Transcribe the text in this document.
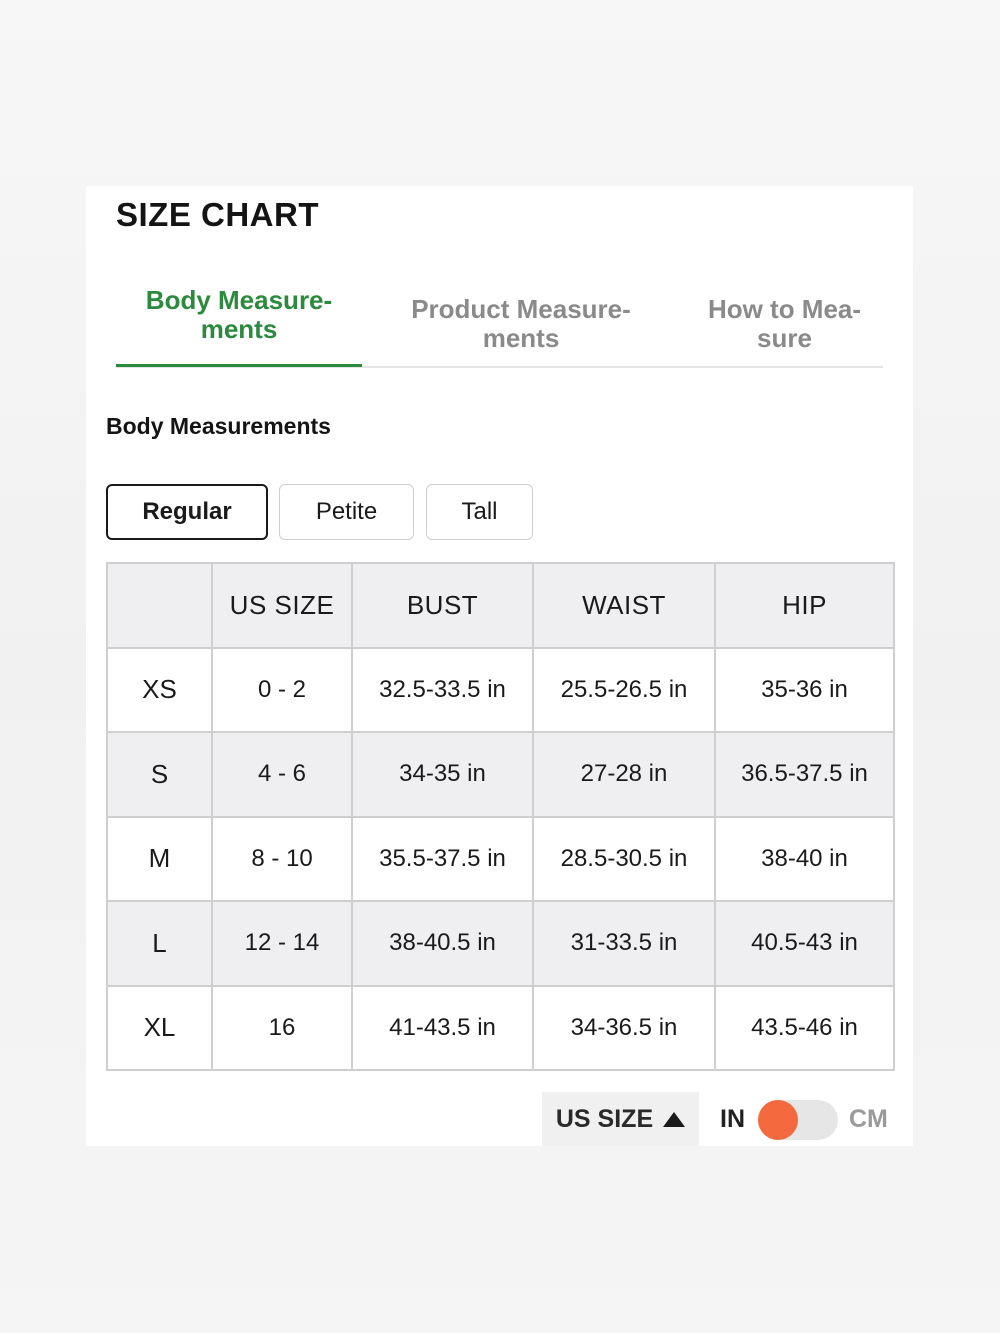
SIZE CHART
Body Measure-
ments
Product Measure-
ments
How to Mea-
sure
Body Measurements
Regular	Petite	Tall
	US SIZE	BUST	WAIST	HIP
XS	0 - 2	32.5-33.5 in	25.5-26.5 in	35-36 in
S	4 - 6	34-35 in	27-28 in	36.5-37.5 in
M	8 - 10	35.5-37.5 in	28.5-30.5 in	38-40 in
L	12 - 14	38-40.5 in	31-33.5 in	40.5-43 in
XL	16	41-43.5 in	34-36.5 in	43.5-46 in
US SIZE	IN	CM
